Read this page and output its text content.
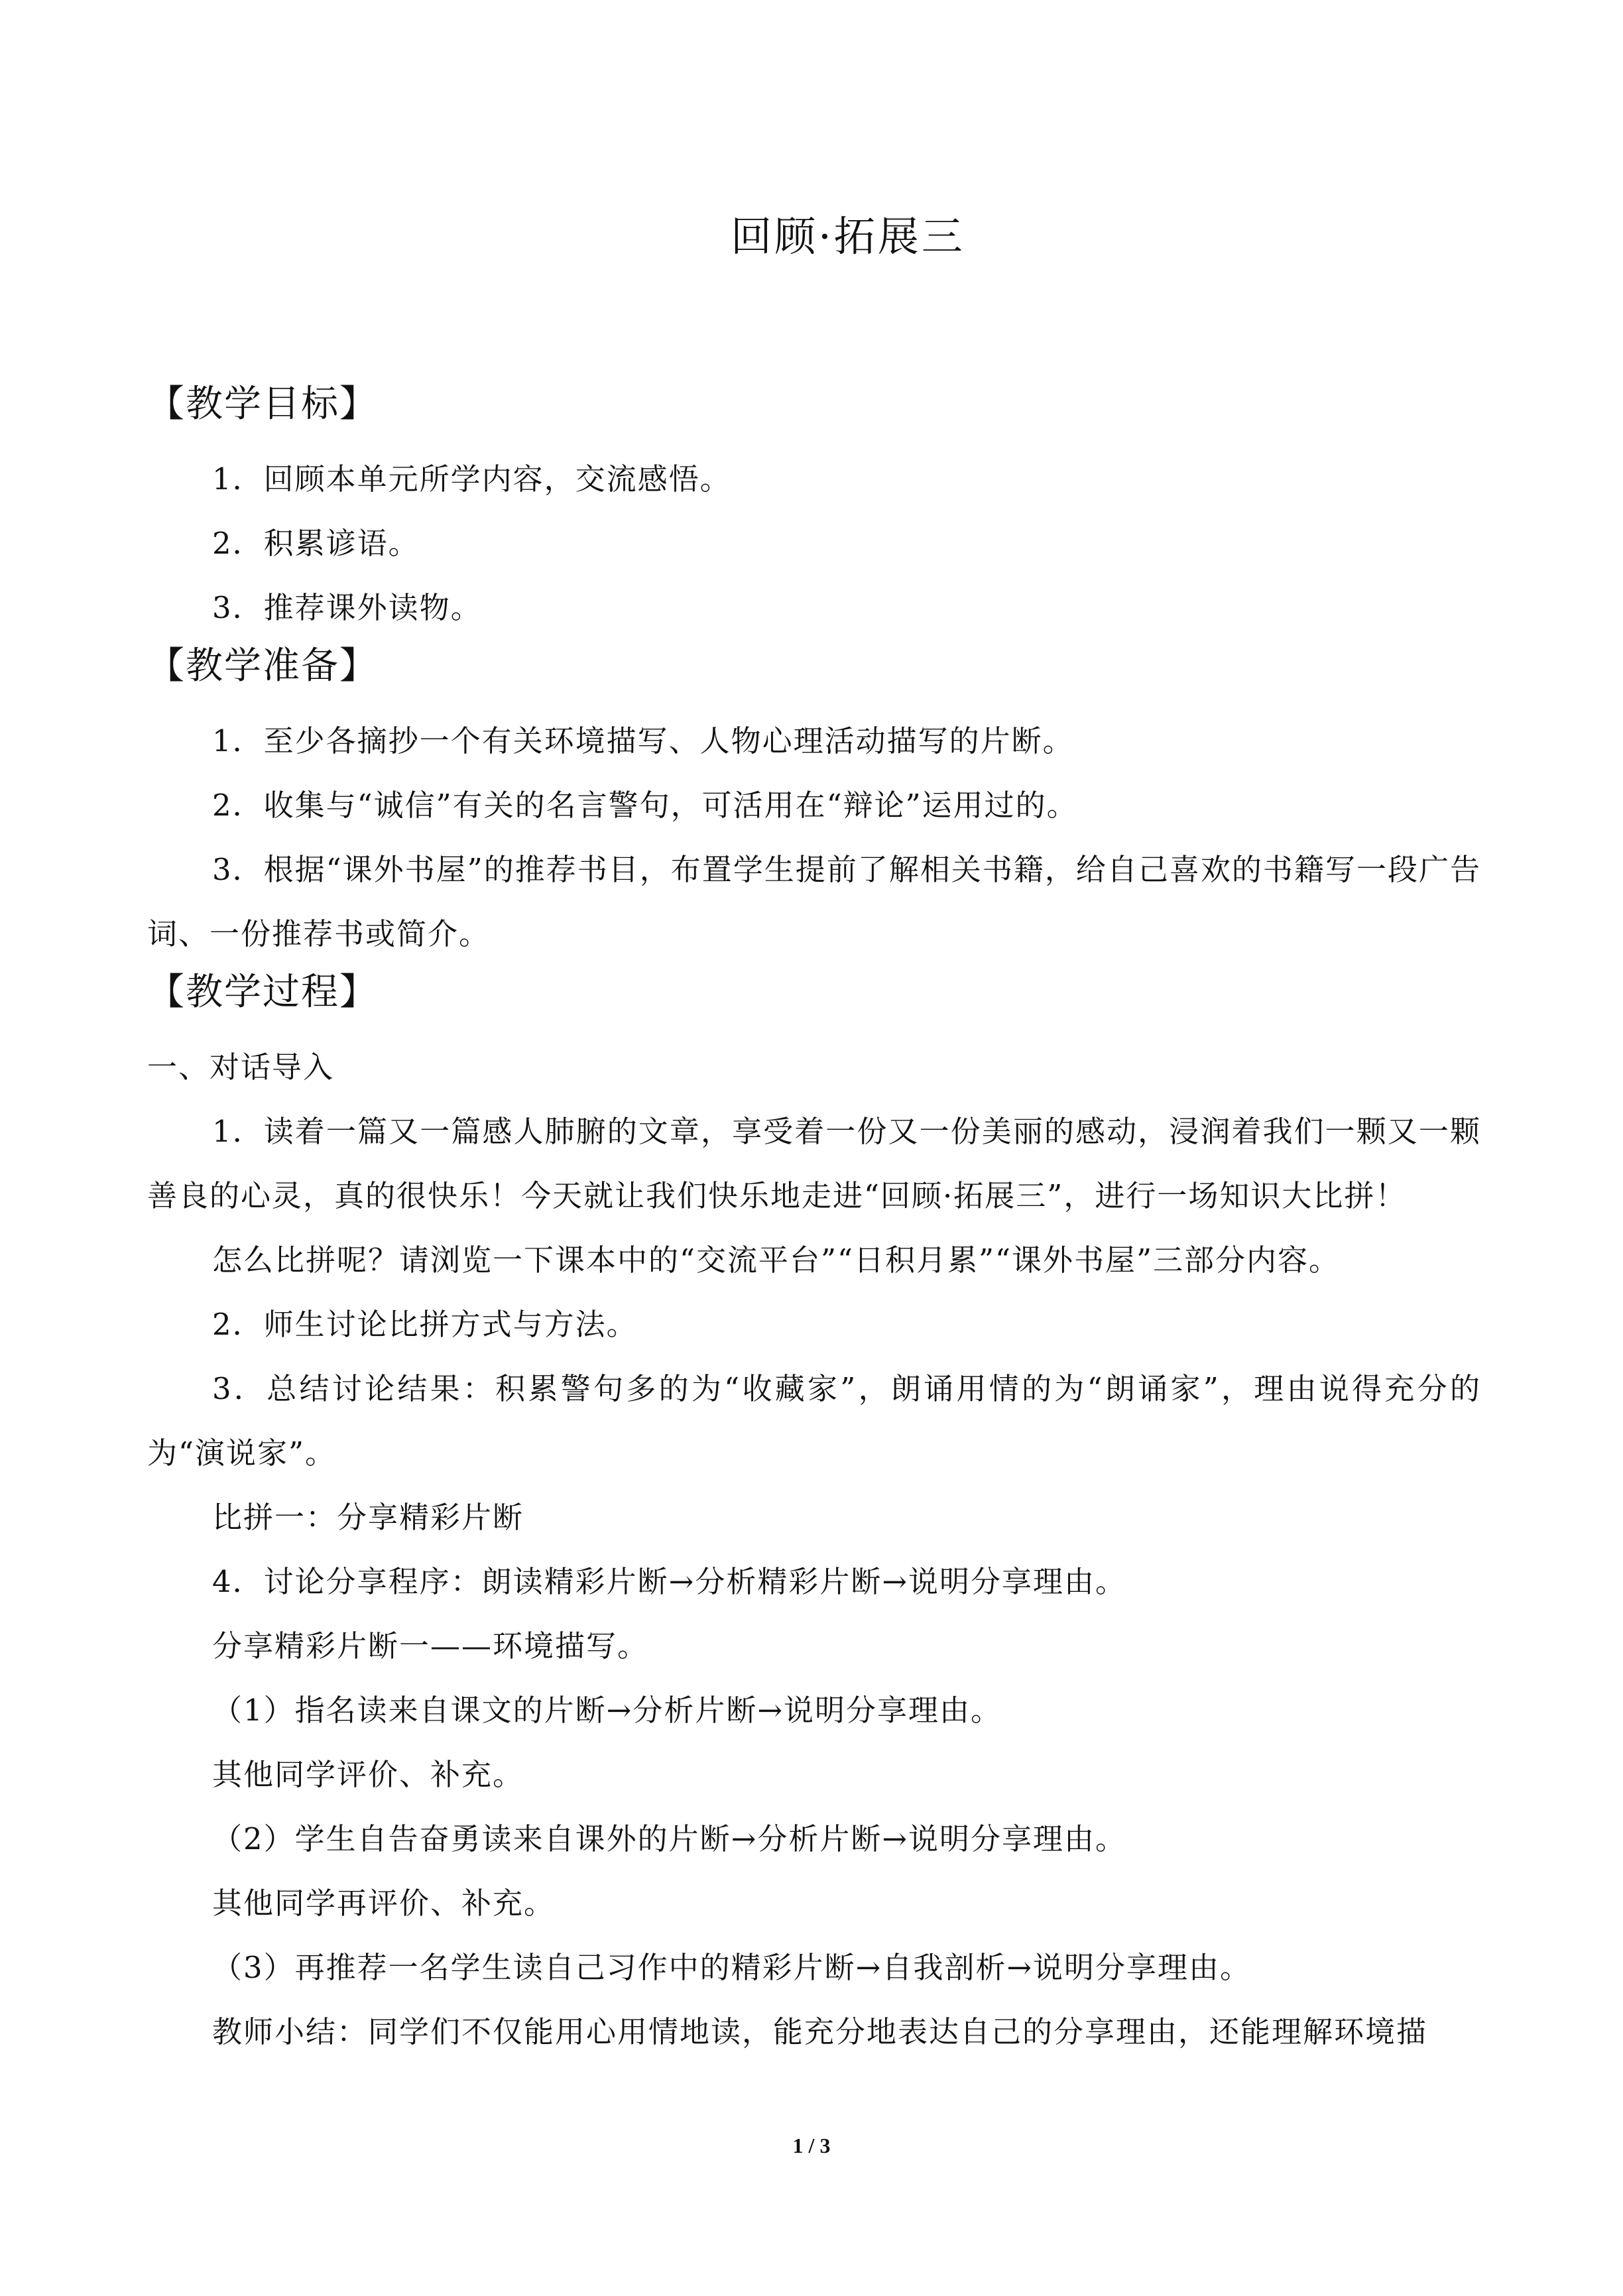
回顾·拓展三
【教学目标】
1．回顾本单元所学内容，交流感悟。
2．积累谚语。
3．推荐课外读物。
【教学准备】
1．至少各摘抄一个有关环境描写、人物心理活动描写的片断。
2．收集与“诚信”有关的名言警句，可活用在“辩论”运用过的。
3．根据“课外书屋”的推荐书目，布置学生提前了解相关书籍，给自己喜欢的书籍写一段广告词、一份推荐书或简介。
【教学过程】
一、对话导入
1．读着一篇又一篇感人肺腑的文章，享受着一份又一份美丽的感动，浸润着我们一颗又一颗善良的心灵，真的很快乐！今天就让我们快乐地走进“回顾·拓展三”，进行一场知识大比拼！
怎么比拼呢？请浏览一下课本中的“交流平台”“日积月累”“课外书屋”三部分内容。
2．师生讨论比拼方式与方法。
3．总结讨论结果：积累警句多的为“收藏家”，朗诵用情的为“朗诵家”，理由说得充分的为“演说家”。
比拼一：分享精彩片断
4．讨论分享程序：朗读精彩片断→分析精彩片断→说明分享理由。
分享精彩片断一——环境描写。
（1）指名读来自课文的片断→分析片断→说明分享理由。
其他同学评价、补充。
（2）学生自告奋勇读来自课外的片断→分析片断→说明分享理由。
其他同学再评价、补充。
（3）再推荐一名学生读自己习作中的精彩片断→自我剖析→说明分享理由。
教师小结：同学们不仅能用心用情地读，能充分地表达自己的分享理由，还能理解环境描
1 / 3
